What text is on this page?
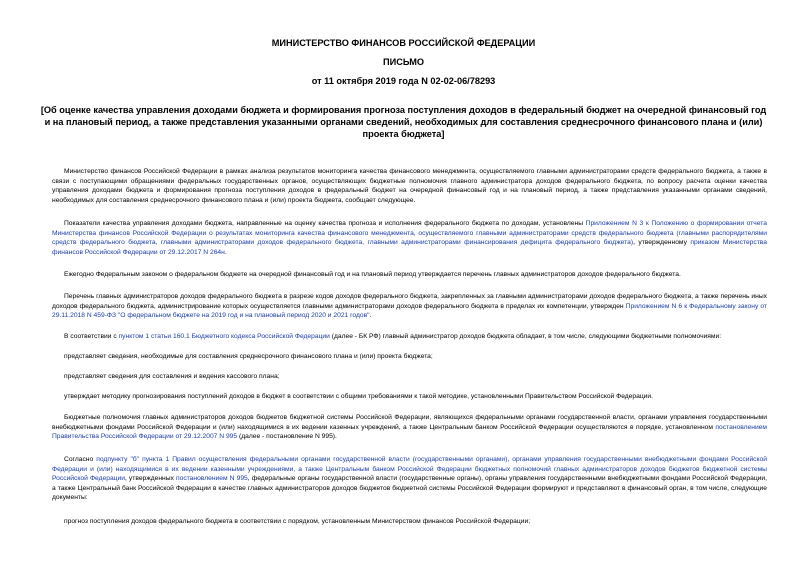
МИНИСТЕРСТВО ФИНАНСОВ РОССИЙСКОЙ ФЕДЕРАЦИИ
ПИСЬМО
от 11 октября 2019 года N 02-02-06/78293
[Об оценке качества управления доходами бюджета и формирования прогноза поступления доходов в федеральный бюджет на очередной финансовый год и на плановый период, а также представления указанными органами сведений, необходимых для составления среднесрочного финансового плана и (или) проекта бюджета]

Министерство финансов Российской Федерации в рамках анализа результатов мониторинга качества финансового менеджмента, осуществляемого главными администраторами средств федерального бюджета, а также в связи с поступающими обращениями федеральных государственных органов, осуществляющих бюджетные полномочия главного администратора доходов федерального бюджета, по вопросу расчета оценки качества управления доходами бюджета и формирования прогноза поступления доходов в федеральный бюджет на очередной финансовый год и на плановый период, а также представления указанными органами сведений, необходимых для составления среднесрочного финансового плана и (или) проекта бюджета, сообщает следующее.

Показатели качества управления доходами бюджета, направленные на оценку качества прогноза и исполнения федерального бюджета по доходам, установлены Приложением N 3 к Положению о формировании отчета Министерства финансов Российской Федерации о результатах мониторинга качества финансового менеджмента, осуществляемого главными администраторами средств федерального бюджета (главными распорядителями средств федерального бюджета, главными администраторами доходов федерального бюджета, главными администраторами финансирования дефицита федерального бюджета), утвержденному приказом Министерства финансов Российской Федерации от 29.12.2017 N 264н.

Ежегодно Федеральным законом о федеральном бюджете на очередной финансовый год и на плановый период утверждается перечень главных администраторов доходов федерального бюджета.

Перечень главных администраторов доходов федерального бюджета в разрезе кодов доходов федерального бюджета, закрепленных за главными администраторами доходов федерального бюджета, а также перечень иных доходов федерального бюджета, администрирование которых осуществляется главными администраторами доходов федерального бюджета в пределах их компетенции, утвержден Приложением N 6 к Федеральному закону от 29.11.2018 N 459-ФЗ "О федеральном бюджете на 2019 год и на плановый период 2020 и 2021 годов".

В соответствии с пунктом 1 статьи 160.1 Бюджетного кодекса Российской Федерации (далее - БК РФ) главный администратор доходов бюджета обладает, в том числе, следующими бюджетными полномочиями:

представляет сведения, необходимые для составления среднесрочного финансового плана и (или) проекта бюджета;

представляет сведения для составления и ведения кассового плана;

утверждает методику прогнозирования поступлений доходов в бюджет в соответствии с общими требованиями к такой методике, установленными Правительством Российской Федерации.

Бюджетные полномочия главных администраторов доходов бюджетов бюджетной системы Российской Федерации, являющихся федеральными органами государственной власти, органами управления государственными внебюджетными фондами Российской Федерации и (или) находящимися в их ведении казенных учреждений, а также Центральным банком Российской Федерации осуществляются в порядке, установленном постановлением Правительства Российской Федерации от 29.12.2007 N 995 (далее - постановление N 995).

Согласно подпункту "б" пункта 1 Правил осуществления федеральными органами государственной власти (государственными органами), органами управления государственными внебюджетными фондами Российской Федерации и (или) находящимися в их ведении казенными учреждениями, а также Центральным банком Российской Федерации бюджетных полномочий главных администраторов доходов бюджетов бюджетной системы Российской Федерации, утвержденных постановлением N 995, федеральные органы государственной власти (государственные органы), органы управления государственными внебюджетными фондами Российской Федерации, а также Центральный банк Российской Федерации в качестве главных администраторов доходов бюджетов бюджетной системы Российской Федерации формируют и представляют в финансовый орган, в том числе, следующие документы:

прогноз поступления доходов федерального бюджета в соответствии с порядком, установленным Министерством финансов Российской Федерации;
